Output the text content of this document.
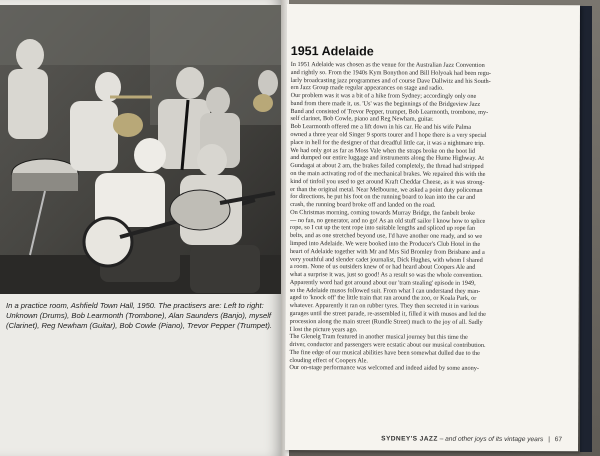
In a practice room, Ashfield Town Hall, 1950. The practisers are: Left to right:
Unknown (Drums), Bob Learmonth (Trombone), Alan Saunders (Banjo), myself
(Clarinet), Reg Newham (Guitar), Bob Cowle (Piano), Trevor Pepper (Trumpet).
1951 Adelaide
In 1951 Adelaide was chosen as the venue for the Australian Jazz Convention
and rightly so. From the 1940s Kym Bonython and Bill Holyoak had been regu-
larly broadcasting jazz programmes and of course Dave Dallwitz and his South-
ern Jazz Group made regular appearances on stage and radio.
Our problem was it was a bit of a hike from Sydney; accordingly only one
band from there made it, us. 'Us' was the beginnings of the Bridgeview Jazz
Band and consisted of Trevor Pepper, trumpet, Bob Learmonth, trombone, my-
self clarinet, Bob Cowle, piano and Reg Newham, guitar.
Bob Learmonth offered me a lift down in his car. He and his wife Palma
owned a three year old Singer 9 sports tourer and I hope there is a very special
place in hell for the designer of that dreadful little car, it was a nightmare trip.
We had only got as far as Moss Vale when the straps broke on the boot lid
and dumped our entire luggage and instruments along the Hume Highway. At
Gundagai at about 2 am, the brakes failed completely, the thread had stripped
on the main activating rod of the mechanical brakes. We repaired this with the
kind of tinfoil you used to get around Kraft Cheddar Cheese, as it was strong-
er than the original metal. Near Melbourne, we asked a point duty policeman
for directions, he put his foot on the running board to lean into the car and
crash, the running board broke off and landed on the road.
On Christmas morning, coming towards Murray Bridge, the fanbelt broke
— no fan, no generator, and no go! As an old stuff sailor I know how to splice
rope, so I cut up the tent rope into suitable lengths and spliced up rope fan
belts, and as one stretched beyond use, I'd have another one ready, and so we
limped into Adelaide. We were booked into the Producer's Club Hotel in the
heart of Adelaide together with Mr and Mrs Sid Bromley from Brisbane and a
very youthful and slender cadet journalist, Dick Hughes, with whom I shared
a room. None of us outsiders knew of or had heard about Coopers Ale and
what a surprise it was, just so good! As a result so was the whole convention.
Apparently word had got around about our 'tram stealing' episode in 1949,
so the Adelaide musos followed suit. From what I can understand they man-
aged to 'knock off' the little train that ran around the zoo, or Koala Park, or
whatever. Apparently it ran on rubber tyres. They then secreted it in various
garages until the street parade, re-assembled it, filled it with musos and led the
procession along the main street (Rundle Street) much to the joy of all. Sadly
I lost the picture years ago.
The Glenelg Tram featured in another musical journey but this time the
driver, conductor and passengers were ecstatic about our musical contribution.
The fine edge of our musical abilities have been somewhat dulled due to the
clouding effect of Coopers Ale.
Our on-stage performance was welcomed and indeed aided by some anony-
SYDNEY'S JAZZ – and other joys of its vintage years | 67
